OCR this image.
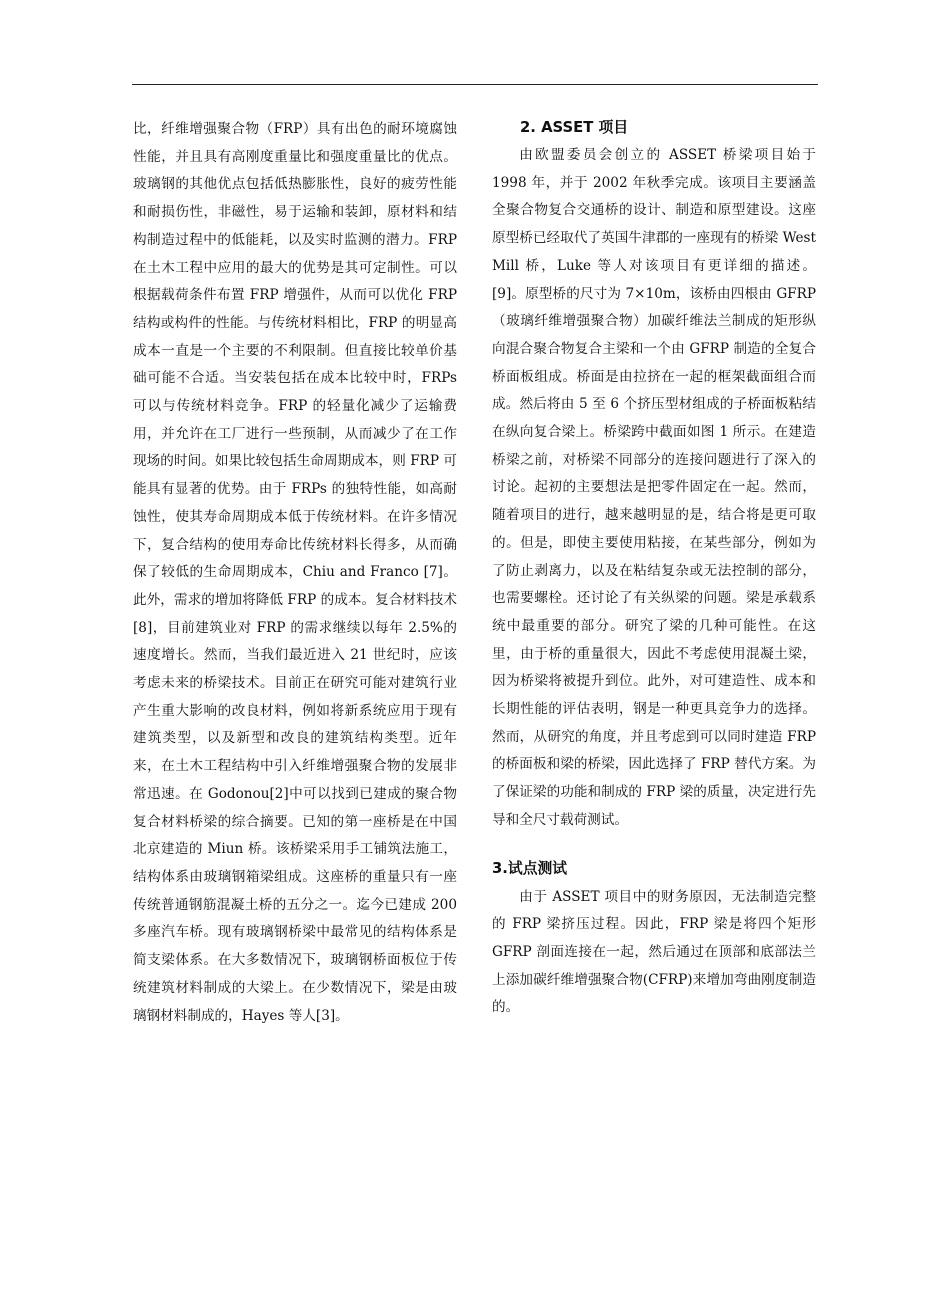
比，纤维增强聚合物（FRP）具有出色的耐环境腐蚀性能，并且具有高刚度重量比和强度重量比的优点。玻璃钢的其他优点包括低热膨胀性，良好的疲劳性能和耐损伤性，非磁性，易于运输和装卸，原材料和结构制造过程中的低能耗，以及实时监测的潜力。FRP在土木工程中应用的最大的优势是其可定制性。可以根据载荷条件布置 FRP 增强件，从而可以优化 FRP 结构或构件的性能。与传统材料相比，FRP 的明显高成本一直是一个主要的不利限制。但直接比较单价基础可能不合适。当安装包括在成本比较中时，FRPs 可以与传统材料竞争。FRP 的轻量化减少了运输费用，并允许在工厂进行一些预制，从而减少了在工作现场的时间。如果比较包括生命周期成本，则 FRP 可能具有显著的优势。由于 FRPs 的独特性能，如高耐蚀性，使其寿命周期成本低于传统材料。在许多情况下，复合结构的使用寿命比传统材料长得多，从而确保了较低的生命周期成本，Chiu and Franco [7]。此外，需求的增加将降低 FRP 的成本。复合材料技术 [8]，目前建筑业对 FRP 的需求继续以每年 2.5%的速度增长。然而，当我们最近进入 21 世纪时，应该考虑未来的桥梁技术。目前正在研究可能对建筑行业产生重大影响的改良材料，例如将新系统应用于现有建筑类型，以及新型和改良的建筑结构类型。近年来，在土木工程结构中引入纤维增强聚合物的发展非常迅速。在 Godonou[2]中可以找到已建成的聚合物复合材料桥梁的综合摘要。已知的第一座桥是在中国北京建造的 Miun 桥。该桥梁采用手工铺筑法施工，结构体系由玻璃钢箱梁组成。这座桥的重量只有一座传统普通钢筋混凝土桥的五分之一。迄今已建成 200 多座汽车桥。现有玻璃钢桥梁中最常见的结构体系是简支梁体系。在大多数情况下，玻璃钢桥面板位于传统建筑材料制成的大梁上。在少数情况下，梁是由玻璃钢材料制成的，Hayes 等人[3]。

2. ASSET 项目

由欧盟委员会创立的 ASSET 桥梁项目始于 1998 年，并于 2002 年秋季完成。该项目主要涵盖全聚合物复合交通桥的设计、制造和原型建设。这座原型桥已经取代了英国牛津郡的一座现有的桥梁 West Mill 桥，Luke 等人对该项目有更详细的描述。 [9]。原型桥的尺寸为 7×10m，该桥由四根由 GFRP（玻璃纤维增强聚合物）加碳纤维法兰制成的矩形纵向混合聚合物复合主梁和一个由 GFRP 制造的全复合桥面板组成。桥面是由拉挤在一起的框架截面组合而成。然后将由 5 至 6 个挤压型材组成的子桥面板粘结在纵向复合梁上。桥梁跨中截面如图 1 所示。在建造桥梁之前，对桥梁不同部分的连接问题进行了深入的讨论。起初的主要想法是把零件固定在一起。然而，随着项目的进行，越来越明显的是，结合将是更可取的。但是，即使主要使用粘接，在某些部分，例如为了防止剥离力，以及在粘结复杂或无法控制的部分，也需要螺栓。还讨论了有关纵梁的问题。梁是承载系统中最重要的部分。研究了梁的几种可能性。在这里，由于桥的重量很大，因此不考虑使用混凝土梁，因为桥梁将被提升到位。此外，对可建造性、成本和长期性能的评估表明，钢是一种更具竞争力的选择。然而，从研究的角度，并且考虑到可以同时建造 FRP 的桥面板和梁的桥梁，因此选择了 FRP 替代方案。为了保证梁的功能和制成的 FRP 梁的质量，决定进行先导和全尺寸载荷测试。

3.试点测试

由于 ASSET 项目中的财务原因，无法制造完整的 FRP 梁挤压过程。因此，FRP 梁是将四个矩形 GFRP 剖面连接在一起，然后通过在顶部和底部法兰上添加碳纤维增强聚合物(CFRP)来增加弯曲刚度制造的。
